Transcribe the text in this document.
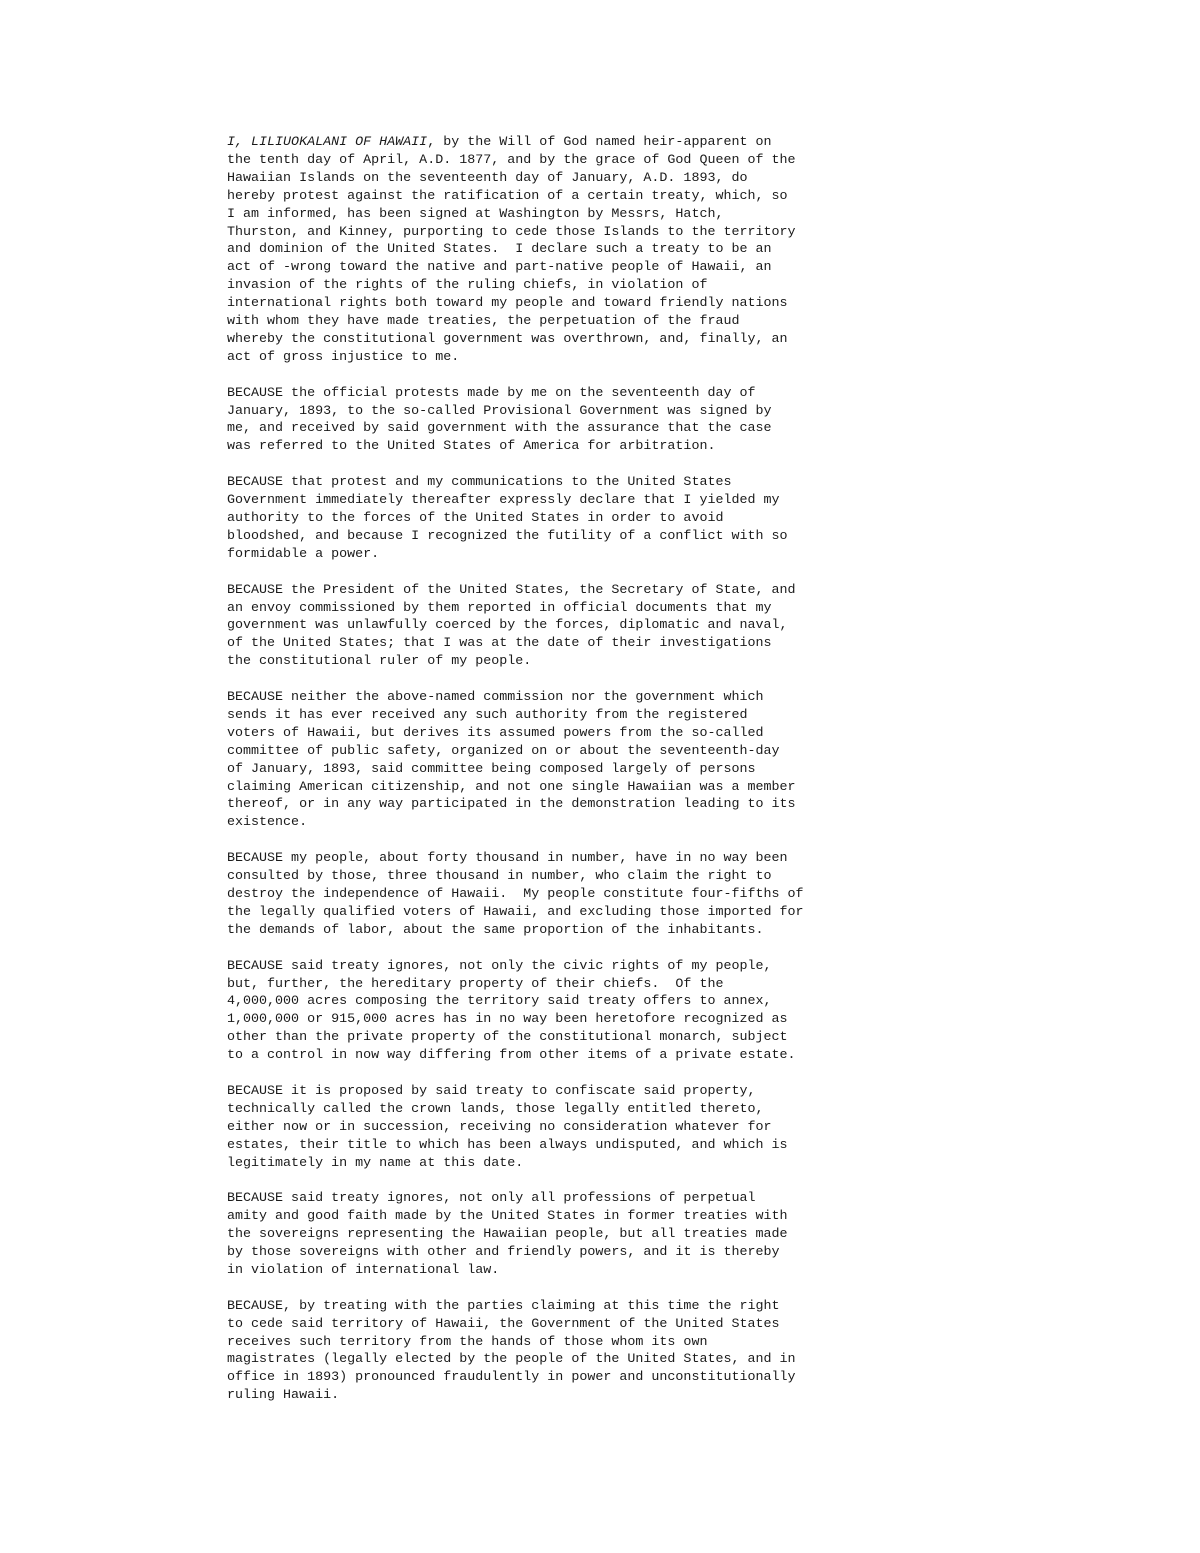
I, LILIUOKALANI OF HAWAII, by the Will of God named heir-apparent on
the tenth day of April, A.D. 1877, and by the grace of God Queen of the
Hawaiian Islands on the seventeenth day of January, A.D. 1893, do
hereby protest against the ratification of a certain treaty, which, so
I am informed, has been signed at Washington by Messrs, Hatch,
Thurston, and Kinney, purporting to cede those Islands to the territory
and dominion of the United States.  I declare such a treaty to be an
act of -wrong toward the native and part-native people of Hawaii, an
invasion of the rights of the ruling chiefs, in violation of
international rights both toward my people and toward friendly nations
with whom they have made treaties, the perpetuation of the fraud
whereby the constitutional government was overthrown, and, finally, an
act of gross injustice to me.

BECAUSE the official protests made by me on the seventeenth day of
January, 1893, to the so-called Provisional Government was signed by
me, and received by said government with the assurance that the case
was referred to the United States of America for arbitration.

BECAUSE that protest and my communications to the United States
Government immediately thereafter expressly declare that I yielded my
authority to the forces of the United States in order to avoid
bloodshed, and because I recognized the futility of a conflict with so
formidable a power.

BECAUSE the President of the United States, the Secretary of State, and
an envoy commissioned by them reported in official documents that my
government was unlawfully coerced by the forces, diplomatic and naval,
of the United States; that I was at the date of their investigations
the constitutional ruler of my people.

BECAUSE neither the above-named commission nor the government which
sends it has ever received any such authority from the registered
voters of Hawaii, but derives its assumed powers from the so-called
committee of public safety, organized on or about the seventeenth-day
of January, 1893, said committee being composed largely of persons
claiming American citizenship, and not one single Hawaiian was a member
thereof, or in any way participated in the demonstration leading to its
existence.

BECAUSE my people, about forty thousand in number, have in no way been
consulted by those, three thousand in number, who claim the right to
destroy the independence of Hawaii.  My people constitute four-fifths of
the legally qualified voters of Hawaii, and excluding those imported for
the demands of labor, about the same proportion of the inhabitants.

BECAUSE said treaty ignores, not only the civic rights of my people,
but, further, the hereditary property of their chiefs.  Of the
4,000,000 acres composing the territory said treaty offers to annex,
1,000,000 or 915,000 acres has in no way been heretofore recognized as
other than the private property of the constitutional monarch, subject
to a control in now way differing from other items of a private estate.

BECAUSE it is proposed by said treaty to confiscate said property,
technically called the crown lands, those legally entitled thereto,
either now or in succession, receiving no consideration whatever for
estates, their title to which has been always undisputed, and which is
legitimately in my name at this date.

BECAUSE said treaty ignores, not only all professions of perpetual
amity and good faith made by the United States in former treaties with
the sovereigns representing the Hawaiian people, but all treaties made
by those sovereigns with other and friendly powers, and it is thereby
in violation of international law.

BECAUSE, by treating with the parties claiming at this time the right
to cede said territory of Hawaii, the Government of the United States
receives such territory from the hands of those whom its own
magistrates (legally elected by the people of the United States, and in
office in 1893) pronounced fraudulently in power and unconstitutionally
ruling Hawaii.
